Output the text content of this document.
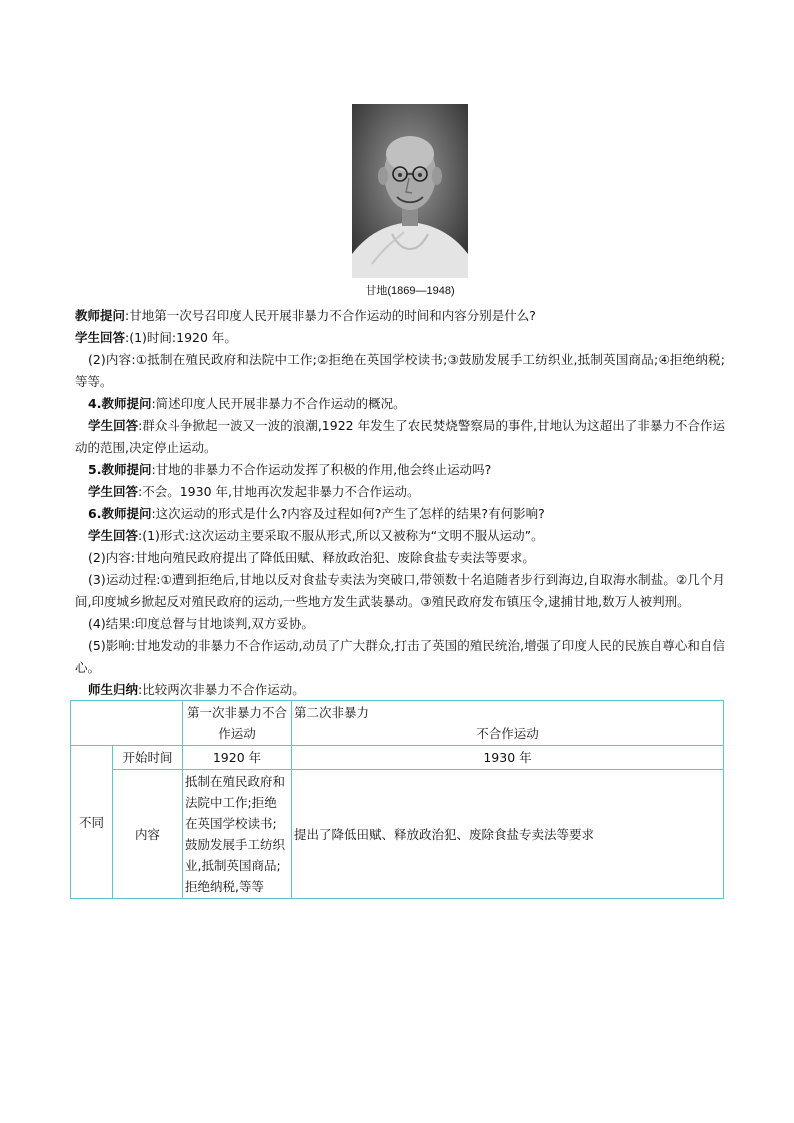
甘地(1869—1948)

教师提问:甘地第一次号召印度人民开展非暴力不合作运动的时间和内容分别是什么?

学生回答:(1)时间:1920 年。

(2)内容:①抵制在殖民政府和法院中工作;②拒绝在英国学校读书;③鼓励发展手工纺织业,抵制英国商品;④拒绝纳税;等等。

4.教师提问:简述印度人民开展非暴力不合作运动的概况。

学生回答:群众斗争掀起一波又一波的浪潮,1922 年发生了农民焚烧警察局的事件,甘地认为这超出了非暴力不合作运动的范围,决定停止运动。

5.教师提问:甘地的非暴力不合作运动发挥了积极的作用,他会终止运动吗?

学生回答:不会。1930 年,甘地再次发起非暴力不合作运动。

6.教师提问:这次运动的形式是什么?内容及过程如何?产生了怎样的结果?有何影响?

学生回答:(1)形式:这次运动主要采取不服从形式,所以又被称为“文明不服从运动”。

(2)内容:甘地向殖民政府提出了降低田赋、释放政治犯、废除食盐专卖法等要求。

(3)运动过程:①遭到拒绝后,甘地以反对食盐专卖法为突破口,带领数十名追随者步行到海边,自取海水制盐。②几个月间,印度城乡掀起反对殖民政府的运动,一些地方发生武装暴动。③殖民政府发布镇压令,逮捕甘地,数万人被判刑。

(4)结果:印度总督与甘地谈判,双方妥协。

(5)影响:甘地发动的非暴力不合作运动,动员了广大群众,打击了英国的殖民统治,增强了印度人民的民族自尊心和自信心。

师生归纳:比较两次非暴力不合作运动。

		第一次非暴力不合作运动	第二次非暴力
不合作运动

不同	开始时间	1920 年	1930 年
	内容	抵制在殖民政府和法院中工作;拒绝在英国学校读书;鼓励发展手工纺织业,抵制英国商品;拒绝纳税,等等	提出了降低田赋、释放政治犯、废除食盐专卖法等要求
